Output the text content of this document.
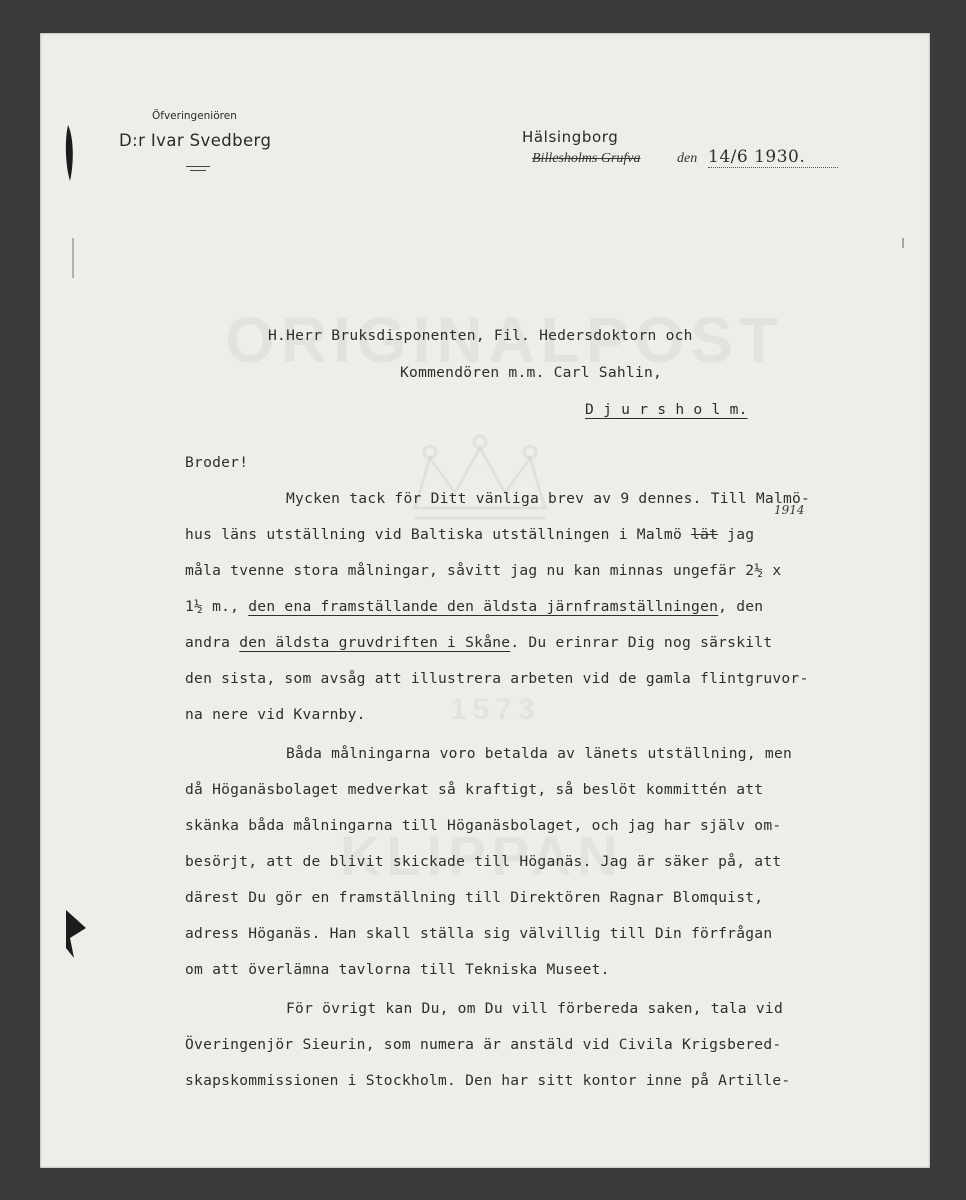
Öfveringeniören
D:r Ivar Svedberg	Hälsingborg
Billesholms Grufva	den 14/6 1930.
H.Herr Bruksdisponenten, Fil. Hedersdoktorn och
Kommendören m.m. Carl Sahlin,
D j u r s h o l m.
Broder!
Mycken tack för Ditt vänliga brev av 9 dennes. Till Malmö-
1914
hus läns utställning vid Baltiska utställningen i Malmö lät jag
måla tvenne stora målningar, såvitt jag nu kan minnas ungefär 2½ x
1½ m., den ena framställande den äldsta järnframställningen, den
andra den äldsta gruvdriften i Skåne. Du erinrar Dig nog särskilt
den sista, som avsåg att illustrera arbeten vid de gamla flintgruvor-
na nere vid Kvarnby.
Båda målningarna voro betalda av länets utställning, men
då Höganäsbolaget medverkat så kraftigt, så beslöt kommittén att
skänka båda målningarna till Höganäsbolaget, och jag har själv om-
besörjt, att de blivit skickade till Höganäs. Jag är säker på, att
därest Du gör en framställning till Direktören Ragnar Blomquist,
adress Höganäs. Han skall ställa sig välvillig till Din förfrågan
om att överlämna tavlorna till Tekniska Museet.
För övrigt kan Du, om Du vill förbereda saken, tala vid
Överingenjör Sieurin, som numera är anstäld vid Civila Krigsbered-
skapskommissionen i Stockholm. Den har sitt kontor inne på Artille-
